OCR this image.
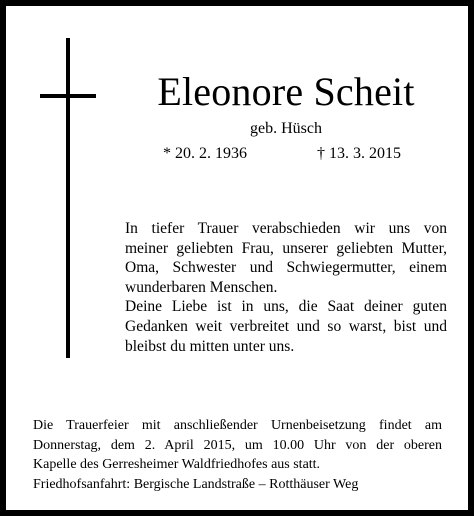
Eleonore Scheit
geb. Hüsch
* 20. 2. 1936	† 13. 3. 2015
In tiefer Trauer verabschieden wir uns von
meiner geliebten Frau, unserer geliebten Mutter,
Oma, Schwester und Schwiegermutter, einem
wunderbaren Menschen.
Deine Liebe ist in uns, die Saat deiner guten
Gedanken weit verbreitet und so warst, bist und
bleibst du mitten unter uns.
Die Trauerfeier mit anschließender Urnenbeisetzung findet am
Donnerstag, dem 2. April 2015, um 10.00 Uhr von der oberen
Kapelle des Gerresheimer Waldfriedhofes aus statt.
Friedhofsanfahrt: Bergische Landstraße – Rotthäuser Weg
